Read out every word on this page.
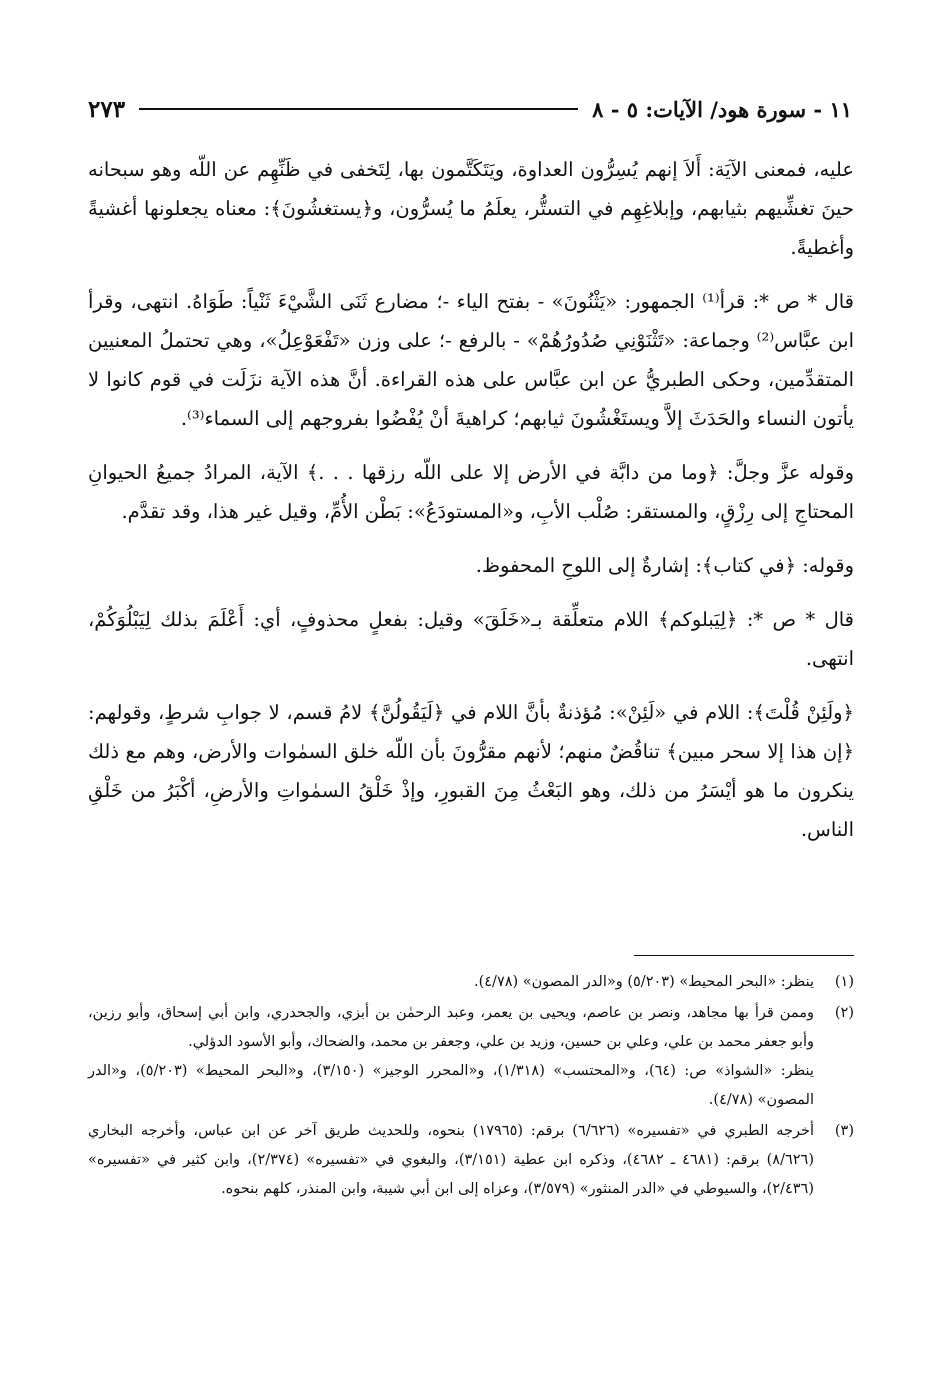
١١ - سورة هود/ الآيات: ٥ - ٨
٢٧٣

عليه، فمعنى الآيَة: أَلاَ إنهم يُسِرُّون العداوة، ويَتَكَتَّمون بها، لِتَخفى في ظَنِّهِم عن اللّه وهو سبحانه حينَ تغشِّيهم بثيابهم، وإبلاغِهِم في التستُّر، يعلَمُ ما يُسرُّون، و﴿يستغشُونَ﴾: معناه يجعلونها أغشيةً وأغطيةً.

قال * ص *: قرأ⁽¹⁾ الجمهور: «يَثْنُونَ» - بفتح الياء -؛ مضارع ثَنَى الشَّيْءَ ثَنْياً: طَوَاهُ. انتهى، وقرأ ابن عبَّاس⁽²⁾ وجماعة: «تَثْنَوْنِي صُدُورُهُمْ» - بالرفع -؛ على وزن «تَفْعَوْعِلُ»، وهي تحتملُ المعنيين المتقدِّمين، وحكى الطبريُّ عن ابن عبَّاس على هذه القراءة. أنَّ هذه الآية نزَلَت في قوم كانوا لا يأتون النساء والحَدَثَ إلاَّ ويستَغْشُونَ ثيابهم؛ كراهيةَ أنْ يُفْضُوا بفروجهم إلى السماء⁽³⁾.

وقوله عزَّ وجلَّ: ﴿وما من دابَّة في الأرض إلا على اللّه رزقها . . .﴾ الآية، المرادُ جميعُ الحيوانِ المحتاجِ إلى رِزْقٍ، والمستقر: صُلْب الأبِ، و«المستودَعُ»: بَطْن الأُمِّ، وقيل غير هذا، وقد تقدَّم.

وقوله: ﴿في كتاب﴾: إشارةٌ إلى اللوحِ المحفوظ.

قال * ص *: ﴿لِيَبلوكم﴾ اللام متعلِّقة بـ«خَلَقَ» وقيل: بفعلٍ محذوفٍ، أي: أَعْلَمَ بذلك لِيَبْلُوَكُمْ، انتهى.

﴿ولَئِنْ قُلْتَ﴾: اللام في «لَئِنْ»: مُؤذنةٌ بأنَّ اللام في ﴿لَيَقُولُنَّ﴾ لامُ قسم، لا جوابِ شرطٍ، وقولهم: ﴿إن هذا إلا سحر مبين﴾ تناقُضٌ منهم؛ لأنهم مقرُّونَ بأن اللّه خلق السمٰوات والأرض، وهم مع ذلك ينكرون ما هو أيْسَرُ من ذلك، وهو البَعْثُ مِنَ القبورِ، وإذْ خَلْقُ السمٰواتِ والأرضِ، أكْبَرُ من خَلْقِ الناس.

(١)
ينظر: «البحر المحيط» (٥/٢٠٣) و«الدر المصون» (٤/٧٨).
(٢)
وممن قرأ بها مجاهد، ونصر بن عاصم، ويحيى بن يعمر، وعبد الرحمٰن بن أبزي، والجحدري، وابن أبي إسحاق، وأبو رزين، وأبو جعفر محمد بن علي، وعلي بن حسين، وزيد بن علي، وجعفر بن محمد، والضحاك، وأبو الأسود الدؤلي.
ينظر: «الشواذ» ص: (٦٤)، و«المحتسب» (١/٣١٨)، و«المحرر الوجيز» (٣/١٥٠)، و«البحر المحيط» (٥/٢٠٣)، و«الدر المصون» (٤/٧٨).
(٣)
أخرجه الطبري في «تفسيره» (٦/٦٢٦) برقم: (١٧٩٦٥) بنحوه، وللحديث طريق آخر عن ابن عباس، وأخرجه البخاري (٨/٦٢٦) برقم: (٤٦٨١ ـ ٤٦٨٢)، وذكره ابن عطية (٣/١٥١)، والبغوي في «تفسيره» (٢/٣٧٤)، وابن كثير في «تفسيره» (٢/٤٣٦)، والسيوطي في «الدر المنثور» (٣/٥٧٩)، وعزاه إلى ابن أبي شيبة، وابن المنذر، كلهم بنحوه.
